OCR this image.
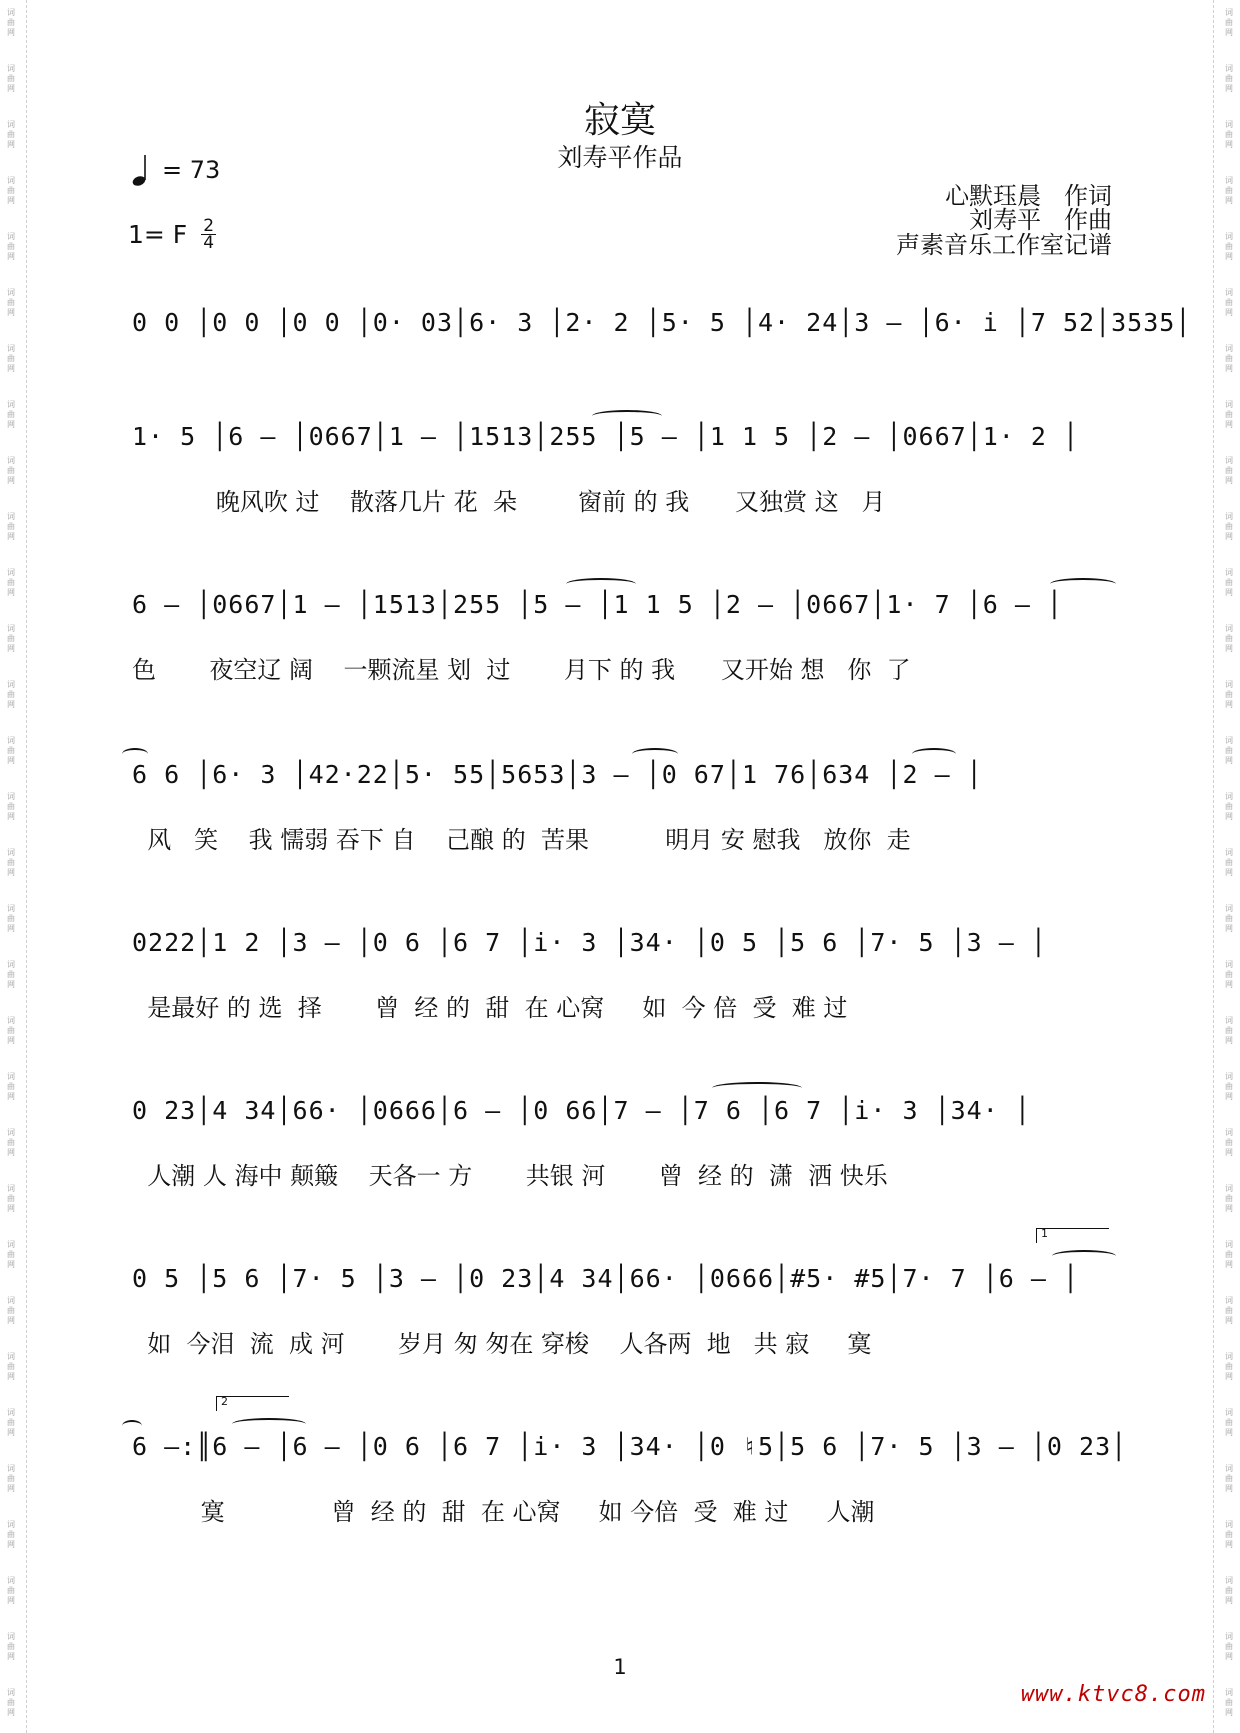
寂寞
刘寿平作品
= 73
1= F $\frac{2}{4}$
心默珏晨   作词
刘寿平   作曲
声素音乐工作室记谱
0 0 │0 0 │0 0 │0· 03│6· 3 │2· 2 │5· 5 │4· 24│3 – │6· i │7 52│3535│
1· 5 │6 – │0667│1 – │1513│255 │5 – │1 1 5 │2 – │0667│1· 2 │
晚风吹 过    散落几片 花  朵        窗前 的 我      又独赏 这   月
6 – │0667│1 – │1513│255 │5 – │1 1 5 │2 – │0667│1· 7 │6 – │
色       夜空辽 阔    一颗流星 划  过       月下 的 我      又开始 想   你  了
6 6 │6· 3 │42·22│5· 55│5653│3 – │0 67│1 76│634 │2 – │
风   笑    我 懦弱 吞下 自    己酿 的  苦果          明月 安 慰我   放你  走
0222│1 2 │3 – │0 6 │6 7 │i· 3 │34· │0 5 │5 6 │7· 5 │3 – │
是最好 的 选  择       曾  经 的  甜  在 心窝     如  今 倍  受  难 过
0 23│4 34│66· │0666│6 – │0 66│7 – │7 6 │6 7 │i· 3 │34· │
人潮 人 海中 颠簸    天各一 方       共银 河       曾  经 的  潇  洒 快乐
1
0 5 │5 6 │7· 5 │3 – │0 23│4 34│66· │0666│#5· #5│7· 7 │6 – │
如  今泪  流  成 河       岁月 匆 匆在 穿梭    人各两  地   共 寂     寞
2
6 –:║6 – │6 – │0 6 │6 7 │i· 3 │34· │0 ♮5│5 6 │7· 5 │3 – │0 23│
寞              曾  经 的  甜  在 心窝     如 今倍  受  难 过     人潮
1
www.ktvc8.com
词
曲
网
词
曲
网
词
曲
网
词
曲
网
词
曲
网
词
曲
网
词
曲
网
词
曲
网
词
曲
网
词
曲
网
词
曲
网
词
曲
网
词
曲
网
词
曲
网
词
曲
网
词
曲
网
词
曲
网
词
曲
网
词
曲
网
词
曲
网
词
曲
网
词
曲
网
词
曲
网
词
曲
网
词
曲
网
词
曲
网
词
曲
网
词
曲
网
词
曲
网
词
曲
网
词
曲
网
词
曲
网
词
曲
网
词
曲
网
词
曲
网
词
曲
网
词
曲
网
词
曲
网
词
曲
网
词
曲
网
词
曲
网
词
曲
网
词
曲
网
词
曲
网
词
曲
网
词
曲
网
词
曲
网
词
曲
网
词
曲
网
词
曲
网
词
曲
网
词
曲
网
词
曲
网
词
曲
网
词
曲
网
词
曲
网
词
曲
网
词
曲
网
词
曲
网
词
曲
网
词
曲
网
词
曲
网
